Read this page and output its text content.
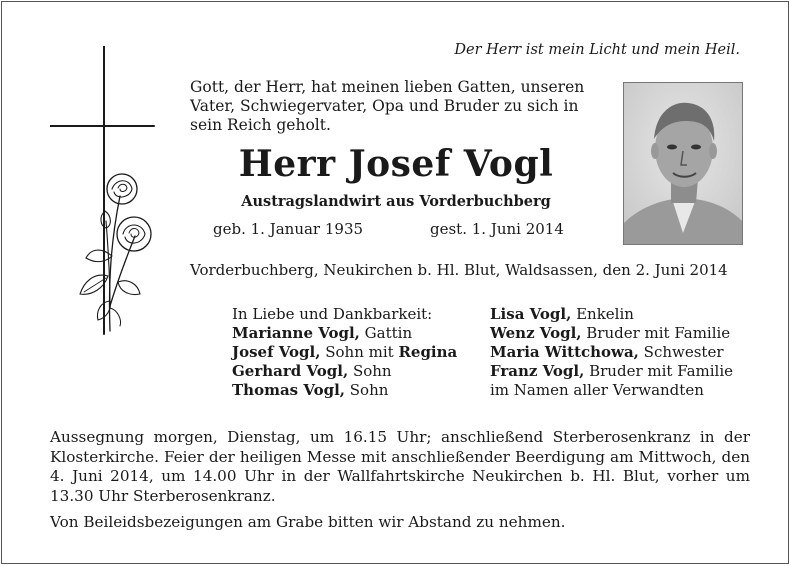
Der Herr ist mein Licht und mein Heil.
Gott, der Herr, hat meinen lieben Gatten, unseren Vater, Schwiegervater, Opa und Bruder zu sich in sein Reich geholt.
Herr Josef Vogl
Austragslandwirt aus Vorderbuchberg
geb. 1. Januar 1935	gest. 1. Juni 2014
Vorderbuchberg, Neukirchen b. Hl. Blut, Waldsassen, den 2. Juni 2014
In Liebe und Dankbarkeit:
Marianne Vogl, Gattin
Josef Vogl, Sohn mit Regina
Gerhard Vogl, Sohn
Thomas Vogl, Sohn
Lisa Vogl, Enkelin
Wenz Vogl, Bruder mit Familie
Maria Wittchowa, Schwester
Franz Vogl, Bruder mit Familie
im Namen aller Verwandten
Aussegnung morgen, Dienstag, um 16.15 Uhr; anschließend Sterberosenkranz in der Klosterkirche. Feier der heiligen Messe mit anschließender Beerdigung am Mittwoch, den 4. Juni 2014, um 14.00 Uhr in der Wallfahrtskirche Neukirchen b. Hl. Blut, vorher um 13.30 Uhr Sterberosenkranz.
Von Beileidsbezeigungen am Grabe bitten wir Abstand zu nehmen.
